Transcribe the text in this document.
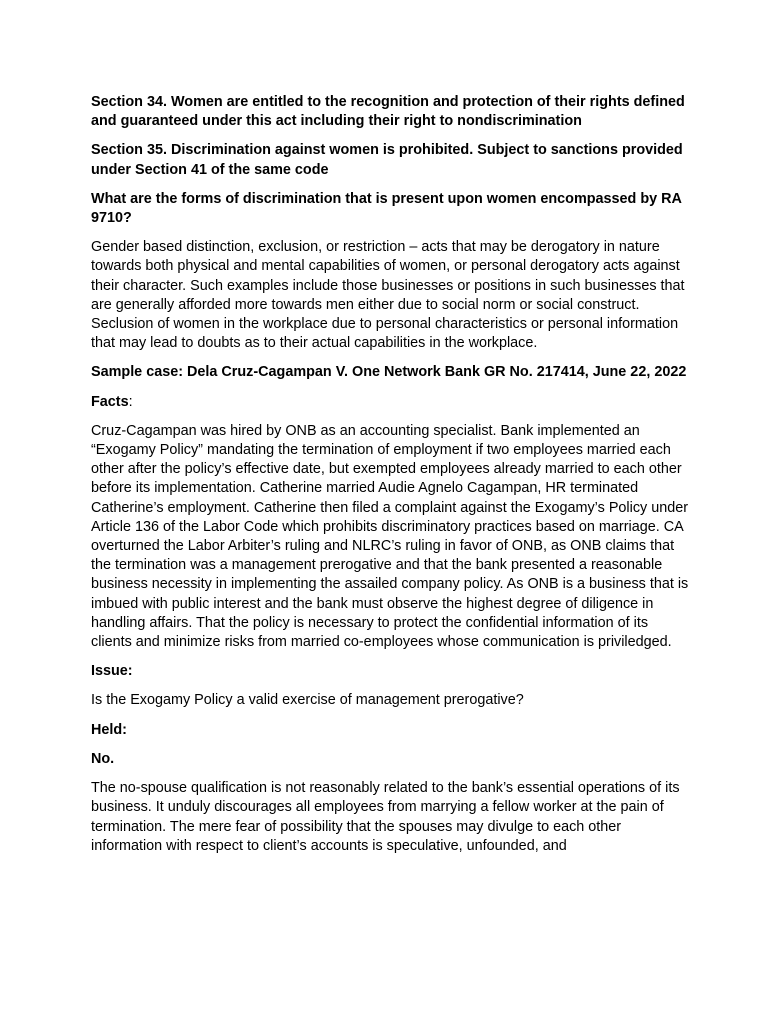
Section 34. Women are entitled to the recognition and protection of their rights defined and guaranteed under this act including their right to nondiscrimination

Section 35. Discrimination against women is prohibited. Subject to sanctions provided under Section 41 of the same code

What are the forms of discrimination that is present upon women encompassed by RA 9710?

Gender based distinction, exclusion, or restriction – acts that may be derogatory in nature towards both physical and mental capabilities of women, or personal derogatory acts against their character. Such examples include those businesses or positions in such businesses that are generally afforded more towards men either due to social norm or social construct. Seclusion of women in the workplace due to personal characteristics or personal information that may lead to doubts as to their actual capabilities in the workplace.

Sample case: Dela Cruz-Cagampan V. One Network Bank GR No. 217414, June 22, 2022

Facts:

Cruz-Cagampan was hired by ONB as an accounting specialist. Bank implemented an “Exogamy Policy” mandating the termination of employment if two employees married each other after the policy’s effective date, but exempted employees already married to each other before its implementation. Catherine married Audie Agnelo Cagampan, HR terminated Catherine’s employment. Catherine then filed a complaint against the Exogamy’s Policy under Article 136 of the Labor Code which prohibits discriminatory practices based on marriage. CA overturned the Labor Arbiter’s ruling and NLRC’s ruling in favor of ONB, as ONB claims that the termination was a management prerogative and that the bank presented a reasonable business necessity in implementing the assailed company policy. As ONB is a business that is imbued with public interest and the bank must observe the highest degree of diligence in handling affairs. That the policy is necessary to protect the confidential information of its clients and minimize risks from married co-employees whose communication is priviledged.

Issue:

Is the Exogamy Policy a valid exercise of management prerogative?

Held:

No.

The no-spouse qualification is not reasonably related to the bank’s essential operations of its business. It unduly discourages all employees from marrying a fellow worker at the pain of termination. The mere fear of possibility that the spouses may divulge to each other information with respect to client’s accounts is speculative, unfounded, and
